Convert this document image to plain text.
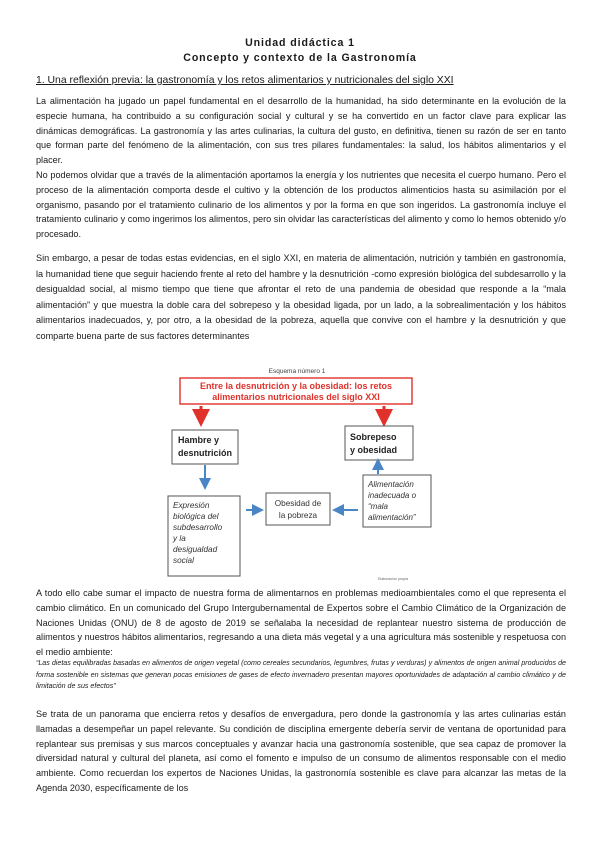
Unidad didáctica 1
Concepto y contexto de la Gastronomía
1. Una reflexión previa: la gastronomía y los retos alimentarios y nutricionales del siglo XXI
La alimentación ha jugado un papel fundamental en el desarrollo de la humanidad, ha sido determinante en la evolución de la especie humana, ha contribuido a su configuración social y cultural y se ha convertido en un factor clave para explicar las dinámicas demográficas. La gastronomía y las artes culinarias, la cultura del gusto, en definitiva, tienen su razón de ser en tanto que forman parte del fenómeno de la alimentación, con sus tres pilares fundamentales: la salud, los hábitos alimentarios y el placer.
No podemos olvidar que a través de la alimentación aportamos la energía y los nutrientes que necesita el cuerpo humano. Pero el proceso de la alimentación comporta desde el cultivo y la obtención de los productos alimenticios hasta su asimilación por el organismo, pasando por el tratamiento culinario de los alimentos y por la forma en que son ingeridos. La gastronomía incluye el tratamiento culinario y como ingerimos los alimentos, pero sin olvidar las características del alimento y como lo hemos obtenido y/o procesado.
Sin embargo, a pesar de todas estas evidencias, en el siglo XXI, en materia de alimentación, nutrición y también en gastronomía, la humanidad tiene que seguir haciendo frente al reto del hambre y la desnutrición -como expresión biológica del subdesarrollo y la desigualdad social, al mismo tiempo que tiene que afrontar el reto de una pandemia de obesidad que responde a la “mala alimentación” y que muestra la doble cara del sobrepeso y la obesidad ligada, por un lado, a la sobrealimentación y los hábitos alimentarios inadecuados, y, por otro, a la obesidad de la pobreza, aquella que convive con el hambre y la desnutrición y que comparte buena parte de sus factores determinantes
Esquema número 1
Entre la desnutrición y la obesidad: los retos
alimentarios nutricionales del siglo XXI
Hambre y
desnutrición
Sobrepeso
y obesidad
Expresión
biológica del
subdesarrollo
y la
desigualdad
social
Obesidad de
la pobreza
Alimentación
inadecuada o
“mala
alimentación”
Elaboración propia
A todo ello cabe sumar el impacto de nuestra forma de alimentarnos en problemas medioambientales como el que representa el cambio climático. En un comunicado del Grupo Intergubernamental de Expertos sobre el Cambio Climático de la Organización de Naciones Unidas (ONU) de 8 de agosto de 2019 se señalaba la necesidad de replantear nuestro sistema de producción de alimentos y nuestros hábitos alimentarios, regresando a una dieta más vegetal y a una agricultura más sostenible y respetuosa con el medio ambiente:
“Las dietas equilibradas basadas en alimentos de origen vegetal (como cereales secundarios, legumbres, frutas y verduras) y alimentos de origen animal producidos de forma sostenible en sistemas que generan pocas emisiones de gases de efecto invernadero presentan mayores oportunidades de adaptación al cambio climático y de limitación de sus efectos”
Se trata de un panorama que encierra retos y desafíos de envergadura, pero donde la gastronomía y las artes culinarias están llamadas a desempeñar un papel relevante. Su condición de disciplina emergente debería servir de ventana de oportunidad para replantear sus premisas y sus marcos conceptuales y avanzar hacia una gastronomía sostenible, que sea capaz de promover la diversidad natural y cultural del planeta, así como el fomento e impulso de un consumo de alimentos responsable con el medio ambiente. Como recuerdan los expertos de Naciones Unidas, la gastronomía sostenible es clave para alcanzar las metas de la Agenda 2030, específicamente de los
